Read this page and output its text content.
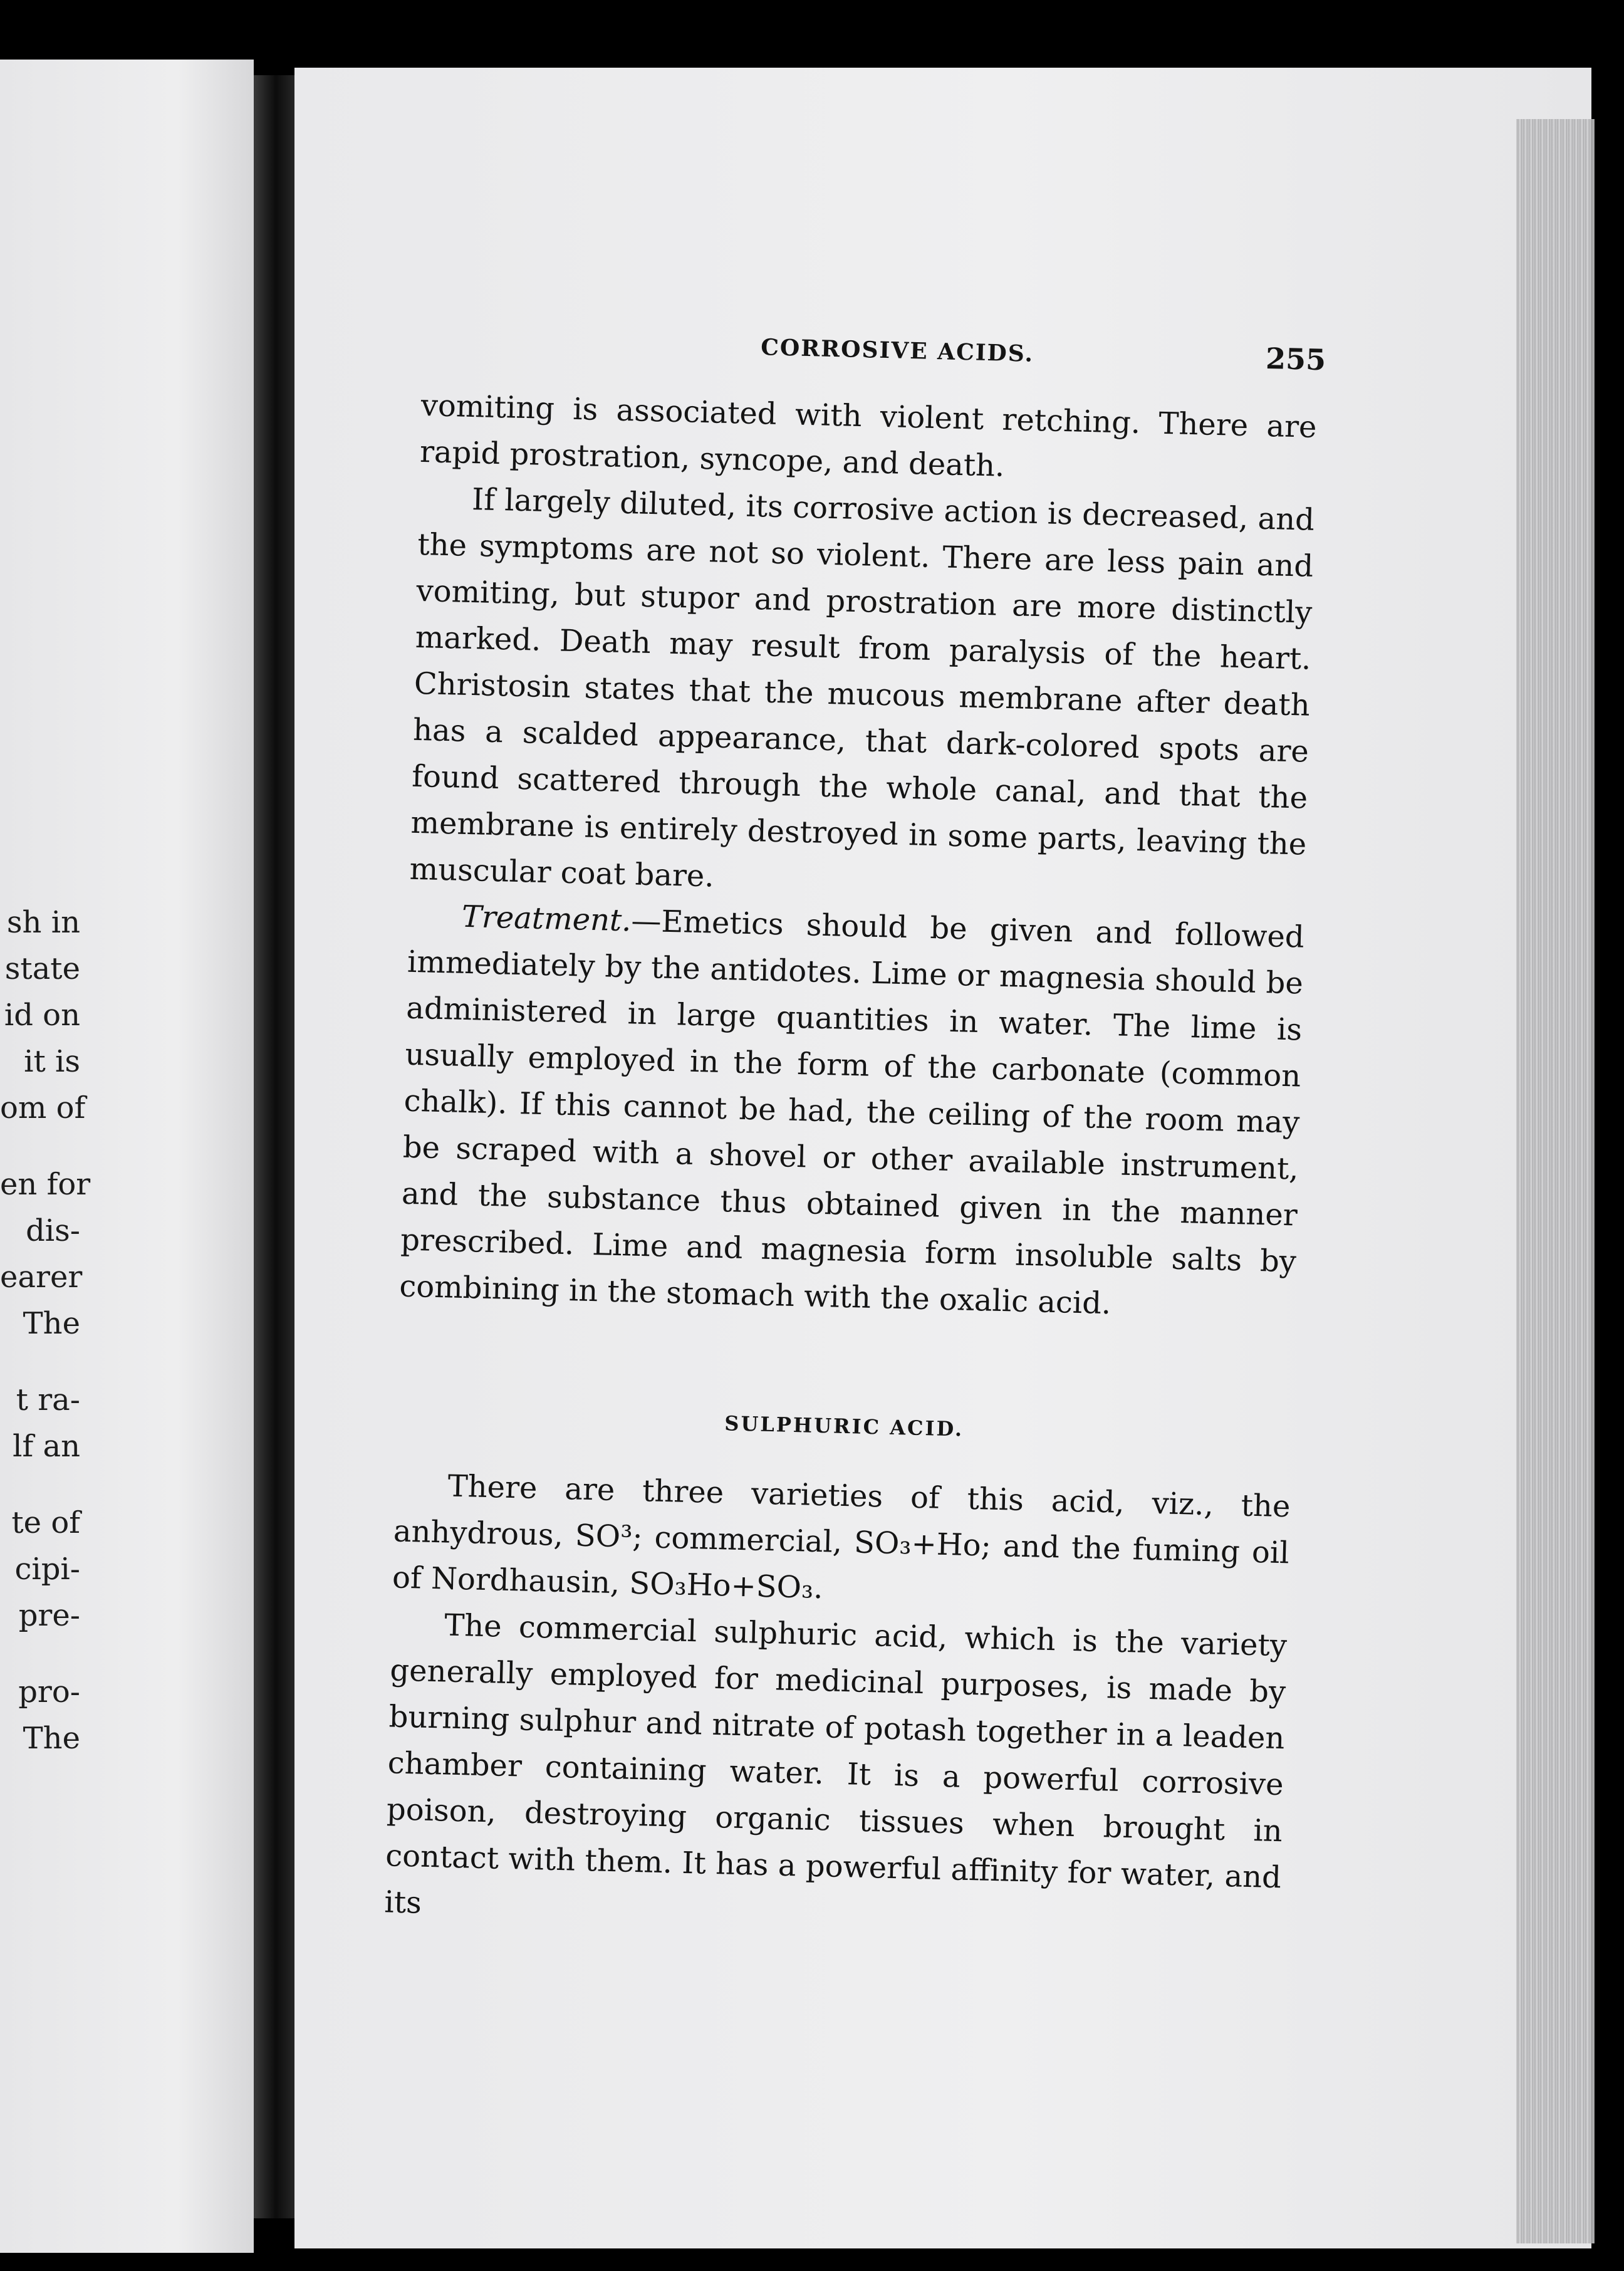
sh in
state
id on
it is
om of
en for
dis-
earer
The
t ra-
lf an
te of
cipi-
pre-
pro-
The
CORROSIVE ACIDS.	255

vomiting is associated with violent retching. There are rapid prostration, syncope, and death.

If largely diluted, its corrosive action is decreased, and the symptoms are not so violent. There are less pain and vomiting, but stupor and prostration are more distinctly marked. Death may result from paralysis of the heart. Christosin states that the mucous membrane after death has a scalded appearance, that dark-colored spots are found scattered through the whole canal, and that the membrane is entirely destroyed in some parts, leaving the muscular coat bare.

Treatment.—Emetics should be given and followed immediately by the antidotes. Lime or magnesia should be administered in large quantities in water. The lime is usually employed in the form of the carbonate (common chalk). If this cannot be had, the ceiling of the room may be scraped with a shovel or other available instrument, and the substance thus obtained given in the manner prescribed. Lime and magnesia form insoluble salts by combining in the stomach with the oxalic acid.

SULPHURIC ACID.

There are three varieties of this acid, viz., the anhydrous, SO³; commercial, SO₃+Ho; and the fuming oil of Nordhausin, SO₃Ho+SO₃.

The commercial sulphuric acid, which is the variety generally employed for medicinal purposes, is made by burning sulphur and nitrate of potash together in a leaden chamber containing water. It is a powerful corrosive poison, destroying organic tissues when brought in contact with them. It has a powerful affinity for water, and its
